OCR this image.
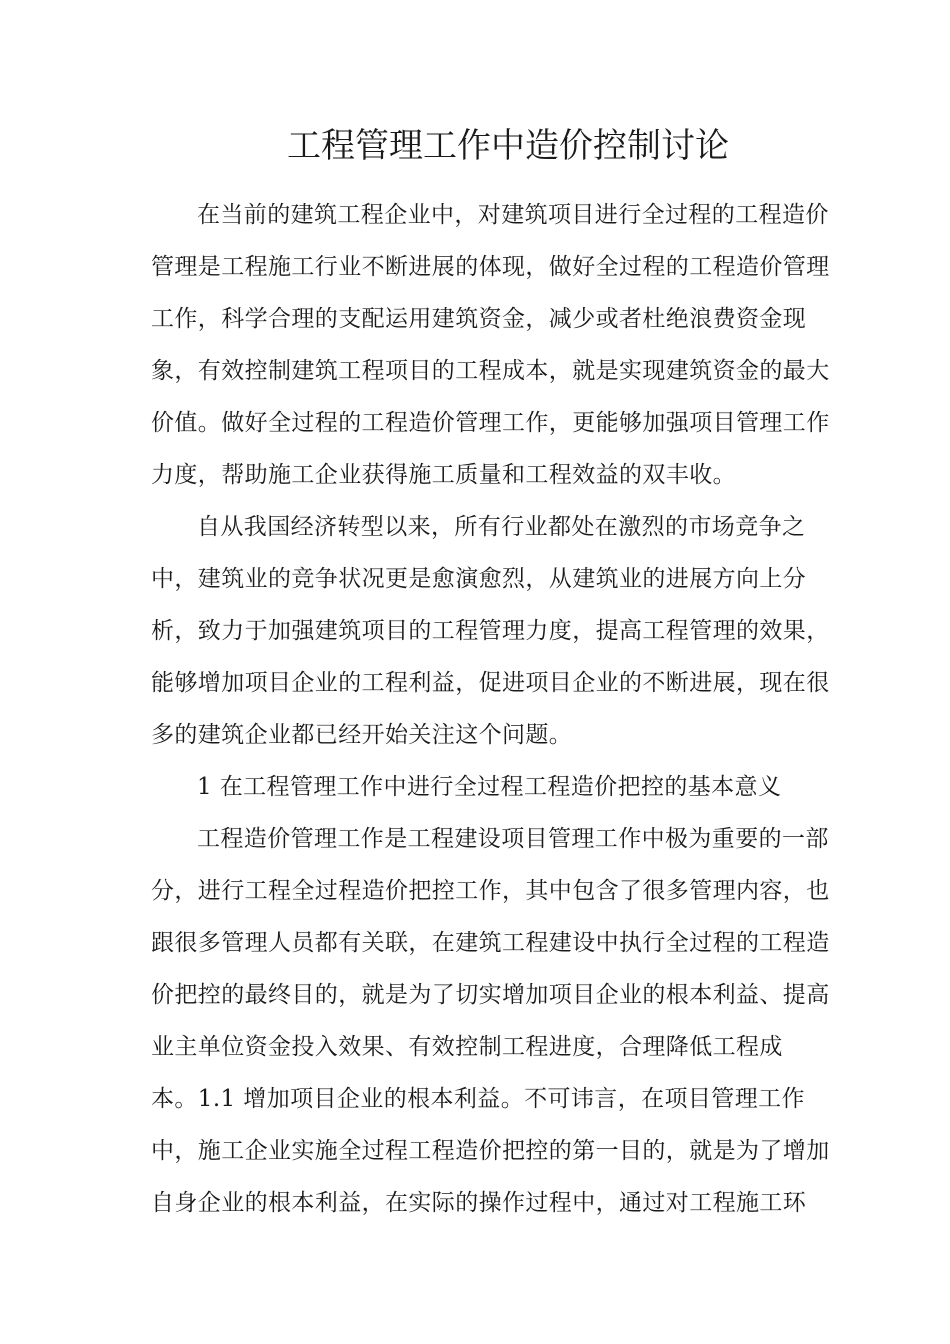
工程管理工作中造价控制讨论
在当前的建筑工程企业中，对建筑项目进行全过程的工程造价
管理是工程施工行业不断进展的体现，做好全过程的工程造价管理
工作，科学合理的支配运用建筑资金，减少或者杜绝浪费资金现
象，有效控制建筑工程项目的工程成本，就是实现建筑资金的最大
价值。做好全过程的工程造价管理工作，更能够加强项目管理工作
力度，帮助施工企业获得施工质量和工程效益的双丰收。
自从我国经济转型以来，所有行业都处在激烈的市场竞争之
中，建筑业的竞争状况更是愈演愈烈，从建筑业的进展方向上分
析，致力于加强建筑项目的工程管理力度，提高工程管理的效果，
能够增加项目企业的工程利益，促进项目企业的不断进展，现在很
多的建筑企业都已经开始关注这个问题。
1 在工程管理工作中进行全过程工程造价把控的基本意义
工程造价管理工作是工程建设项目管理工作中极为重要的一部
分，进行工程全过程造价把控工作，其中包含了很多管理内容，也
跟很多管理人员都有关联，在建筑工程建设中执行全过程的工程造
价把控的最终目的，就是为了切实增加项目企业的根本利益、提高
业主单位资金投入效果、有效控制工程进度，合理降低工程成
本。1.1 增加项目企业的根本利益。不可讳言，在项目管理工作
中，施工企业实施全过程工程造价把控的第一目的，就是为了增加
自身企业的根本利益，在实际的操作过程中，通过对工程施工环
